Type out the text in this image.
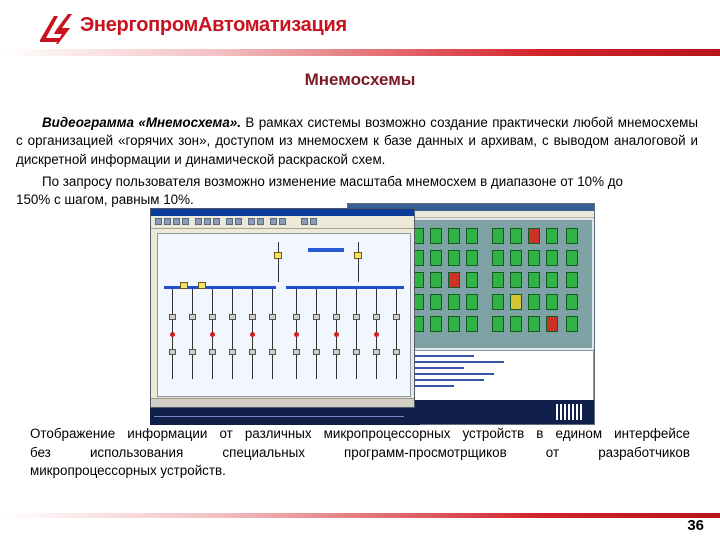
ЭнергопромАвтоматизация
Мнемосхемы
Видеограмма «Мнемосхема». В рамках системы возможно создание практически любой мнемосхемы с организацией «горячих зон», доступом из мнемосхем к базе данных и архивам, с выводом аналоговой и дискретной информации и динамической раскраской схем.
По запросу пользователя возможно изменение масштаба мнемосхем в диапазоне от 10% до
150% с шагом, равным 10%.
Отображение информации от различных микропроцессорных устройств в едином интерфейсе
без использования специальных программ-просмотрщиков от разработчиков
микропроцессорных устройств.
36
